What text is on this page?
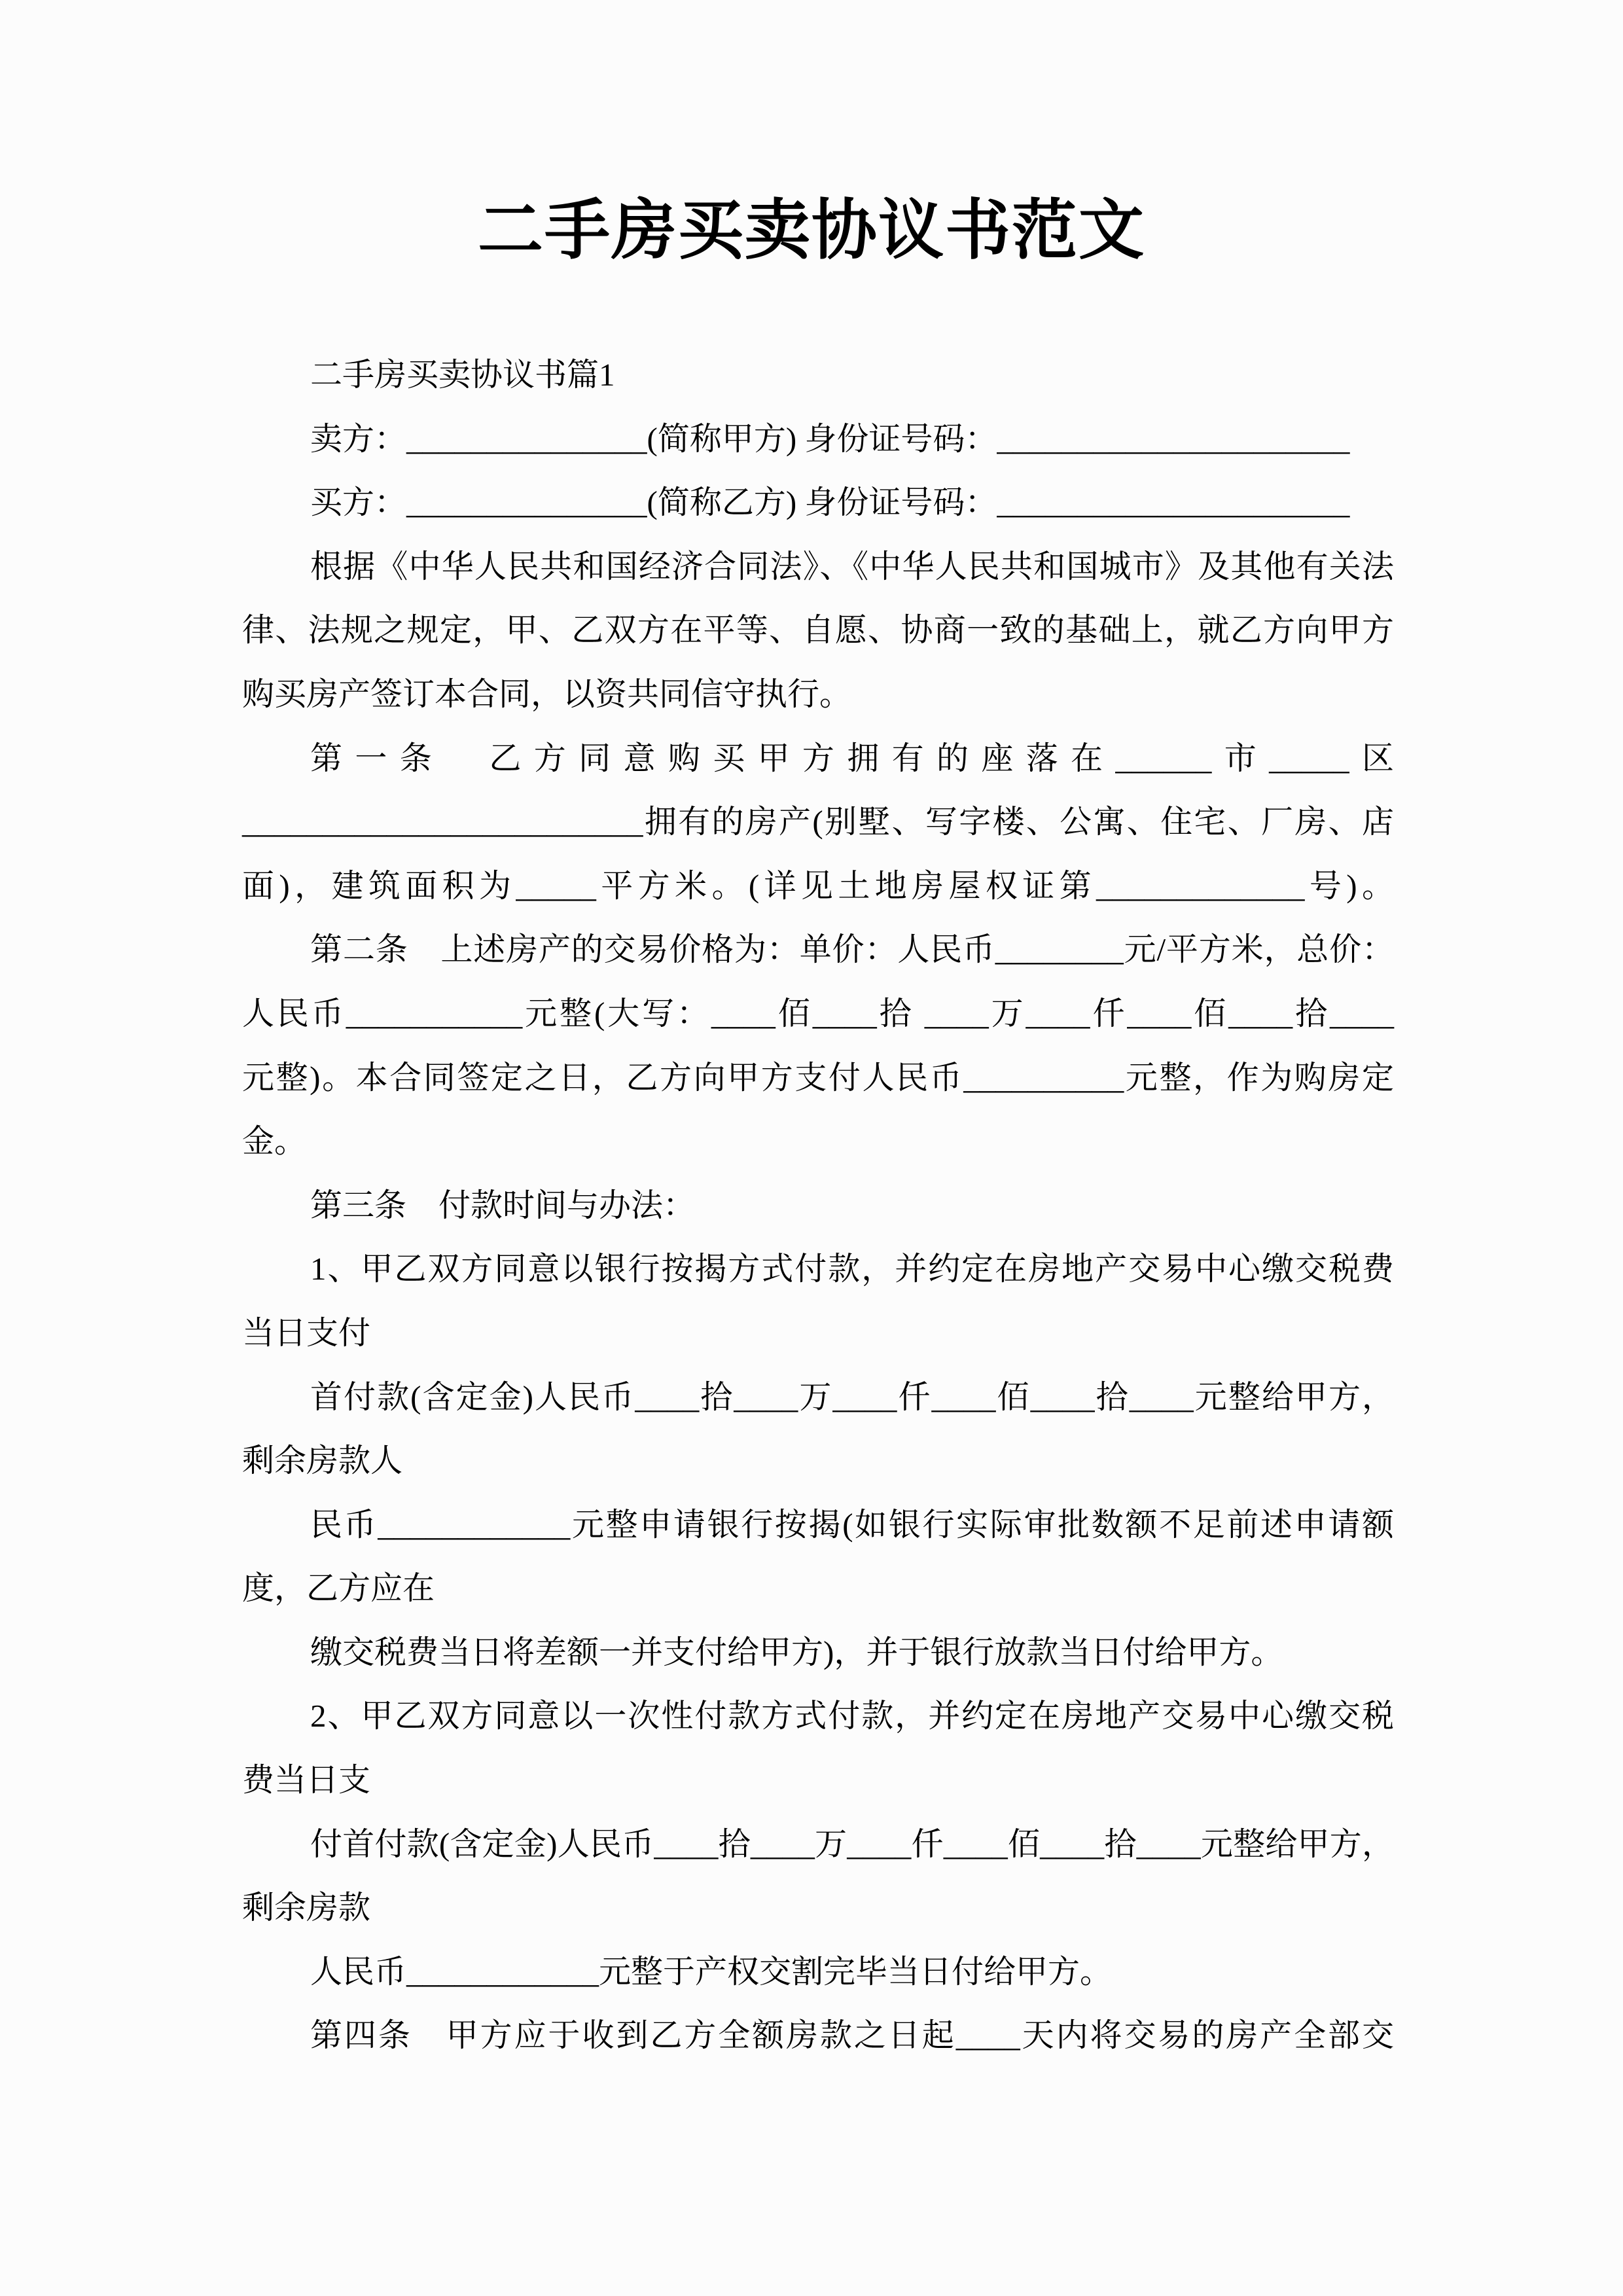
二手房买卖协议书范文
二手房买卖协议书篇1
卖方：_______________(简称甲方) 身份证号码：______________________
买方：_______________(简称乙方) 身份证号码：______________________
根据《中华人民共和国经济合同法》、《中华人民共和国城市》及其他有关法
律、法规之规定，甲、乙双方在平等、自愿、协商一致的基础上，就乙方向甲方
购买房产签订本合同，以资共同信守执行。
第一条　乙方同意购买甲方拥有的座落在______市_____区
_________________________拥有的房产(别墅、写字楼、公寓、住宅、厂房、店
面)，建筑面积为_____平方米。(详见土地房屋权证第_____________号)。
第二条　上述房产的交易价格为：单价：人民币________元/平方米，总价：
人民币___________元整(大写：____佰____拾 ____万____仟____佰____拾____
元整)。本合同签定之日，乙方向甲方支付人民币__________元整，作为购房定
金。
第三条　付款时间与办法：
1、甲乙双方同意以银行按揭方式付款，并约定在房地产交易中心缴交税费
当日支付
首付款(含定金)人民币____拾____万____仟____佰____拾____元整给甲方，
剩余房款人
民币____________元整申请银行按揭(如银行实际审批数额不足前述申请额
度，乙方应在
缴交税费当日将差额一并支付给甲方)，并于银行放款当日付给甲方。
2、甲乙双方同意以一次性付款方式付款，并约定在房地产交易中心缴交税
费当日支
付首付款(含定金)人民币____拾____万____仟____佰____拾____元整给甲方，
剩余房款
人民币____________元整于产权交割完毕当日付给甲方。
第四条　甲方应于收到乙方全额房款之日起____天内将交易的房产全部交
